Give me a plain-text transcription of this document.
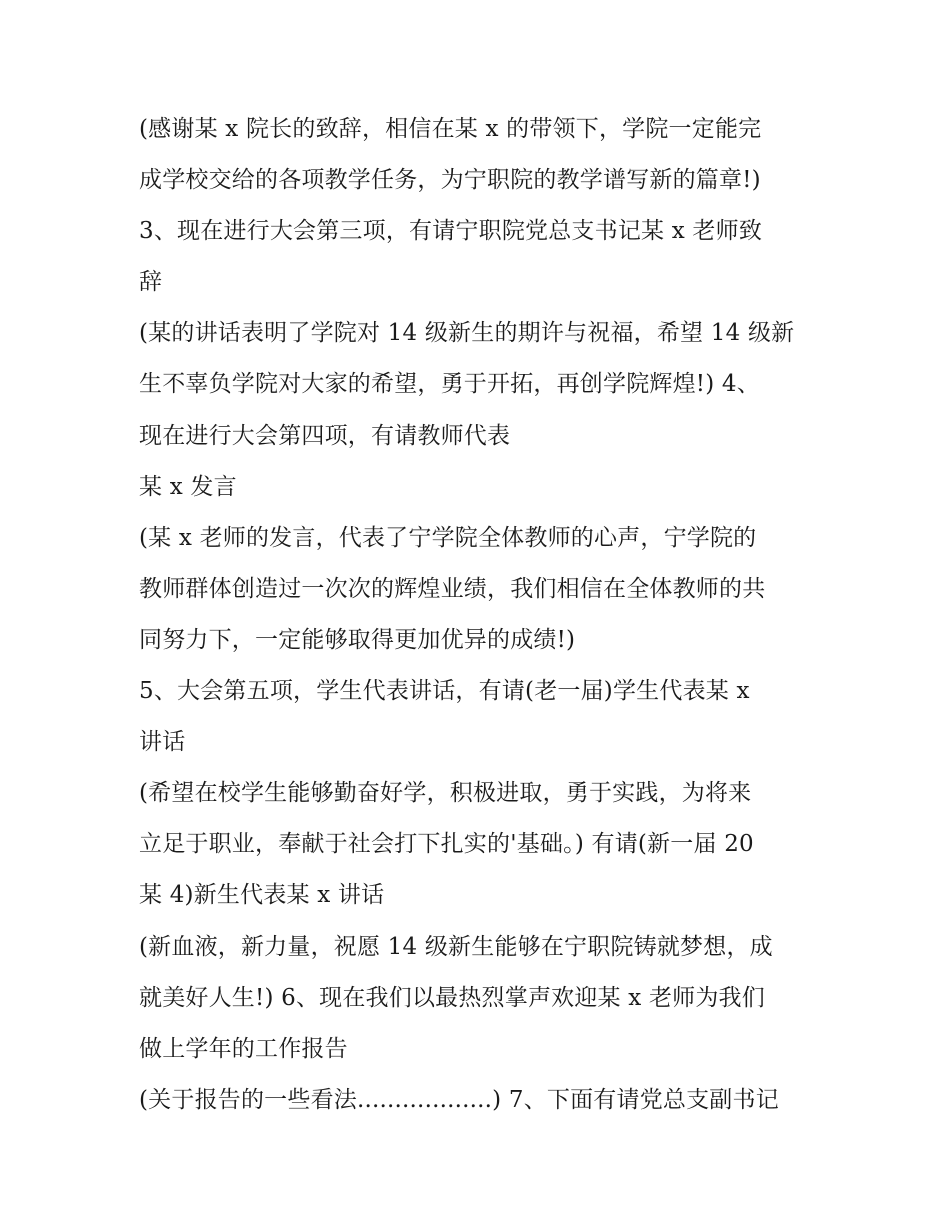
(感谢某 x 院长的致辞，相信在某 x 的带领下，学院一定能完
成学校交给的各项教学任务，为宁职院的教学谱写新的篇章!)
3、现在进行大会第三项，有请宁职院党总支书记某 x 老师致
辞
(某的讲话表明了学院对 14 级新生的期许与祝福，希望 14 级新
生不辜负学院对大家的希望，勇于开拓，再创学院辉煌!) 4、
现在进行大会第四项，有请教师代表
某 x 发言
(某 x 老师的发言，代表了宁学院全体教师的心声，宁学院的
教师群体创造过一次次的辉煌业绩，我们相信在全体教师的共
同努力下，一定能够取得更加优异的成绩!)
5、大会第五项，学生代表讲话，有请(老一届)学生代表某 x
讲话
(希望在校学生能够勤奋好学，积极进取，勇于实践，为将来
立足于职业，奉献于社会打下扎实的'基础。) 有请(新一届 20
某 4)新生代表某 x 讲话
(新血液，新力量，祝愿 14 级新生能够在宁职院铸就梦想，成
就美好人生!) 6、现在我们以最热烈掌声欢迎某 x 老师为我们
做上学年的工作报告
(关于报告的一些看法..................) 7、下面有请党总支副书记
